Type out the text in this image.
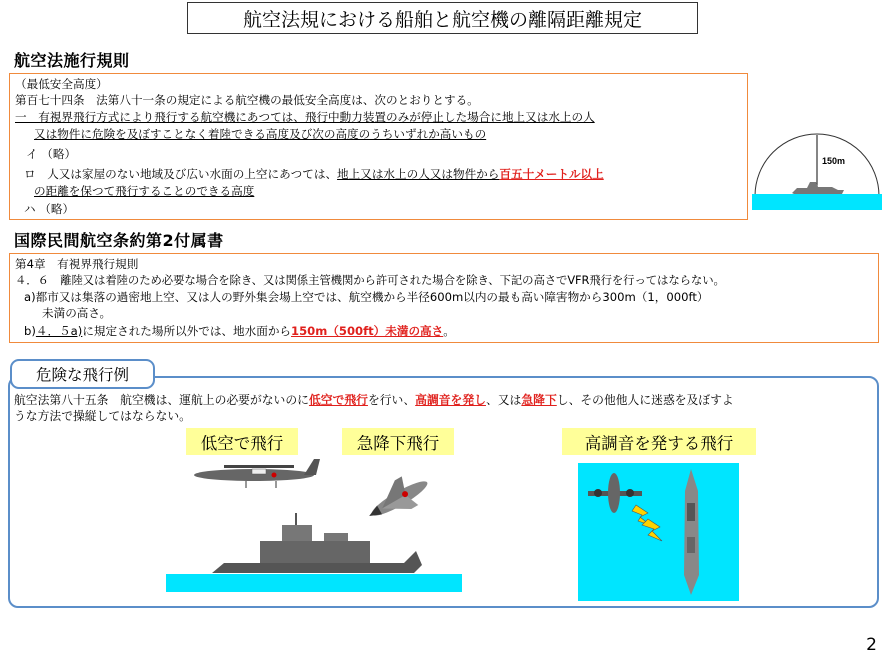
航空法規における船舶と航空機の離隔距離規定
航空法施行規則
（最低安全高度）
第百七十四条　法第八十一条の規定による航空機の最低安全高度は、次のとおりとする。
一　有視界飛行方式により飛行する航空機にあつては、飛行中動力装置のみが停止した場合に地上又は水上の人
又は物件に危険を及ぼすことなく着陸できる高度及び次の高度のうちいずれか高いもの
イ （略）
ロ　人又は家屋のない地域及び広い水面の上空にあつては、地上又は水上の人又は物件から百五十メートル以上
の距離を保つて飛行することのできる高度
ハ （略）
150m
国際民間航空条約第2付属書
第4章　有視界飛行規則
４．６　離陸又は着陸のため必要な場合を除き、又は関係主管機関から許可された場合を除き、下記の高さでVFR飛行を行ってはならない。
a)都市又は集落の過密地上空、又は人の野外集会場上空では、航空機から半径600m以内の最も高い障害物から300m（1，000ft）
未満の高さ。
b)４．５a)に規定された場所以外では、地水面から150m（500ft）未満の高さ。
危険な飛行例
航空法第八十五条　航空機は、運航上の必要がないのに低空で飛行を行い、高調音を発し、又は急降下し、その他他人に迷惑を及ぼすよ
うな方法で操縦してはならない。
低空で飛行	急降下飛行	高調音を発する飛行
2
